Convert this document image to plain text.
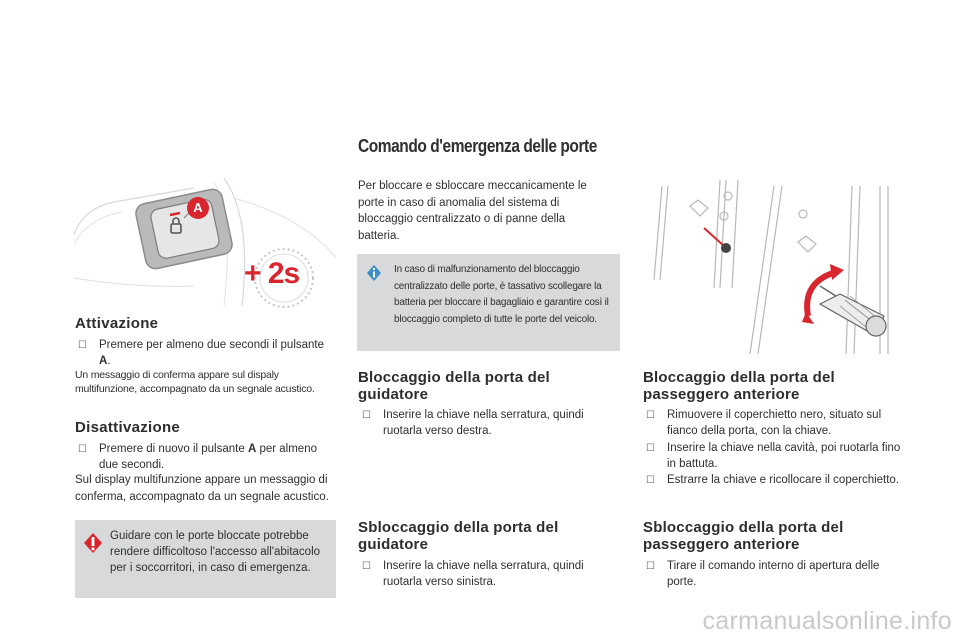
A
+ 2s
Attivazione
☐	Premere per almeno due secondi il pulsante A.
Un messaggio di conferma appare sul dispaly multifunzione, accompagnato da un segnale acustico.
Disattivazione
☐	Premere di nuovo il pulsante A per almeno due secondi.
Sul display multifunzione appare un messaggio di conferma, accompagnato da un segnale acustico.
Guidare con le porte bloccate potrebbe rendere difficoltoso l'accesso all'abitacolo per i soccorritori, in caso di emergenza.
Comando d'emergenza delle porte
Per bloccare e sbloccare meccanicamente le porte in caso di anomalia del sistema di bloccaggio centralizzato o di panne della batteria.
In caso di malfunzionamento del bloccaggio centralizzato delle porte, è tassativo scollegare la batteria per bloccare il bagagliaio e garantire così il bloccaggio completo di tutte le porte del veicolo.
Bloccaggio della porta del guidatore
☐	Inserire la chiave nella serratura, quindi ruotarla verso destra.
Sbloccaggio della porta del guidatore
☐	Inserire la chiave nella serratura, quindi ruotarla verso sinistra.
Bloccaggio della porta del passeggero anteriore
☐	Rimuovere il coperchietto nero, situato sul fianco della porta, con la chiave.
☐	Inserire la chiave nella cavità, poi ruotarla fino in battuta.
☐	Estrarre la chiave e ricollocare il coperchietto.
Sbloccaggio della porta del passeggero anteriore
☐	Tirare il comando interno di apertura delle porte.
carmanualsonline.info
